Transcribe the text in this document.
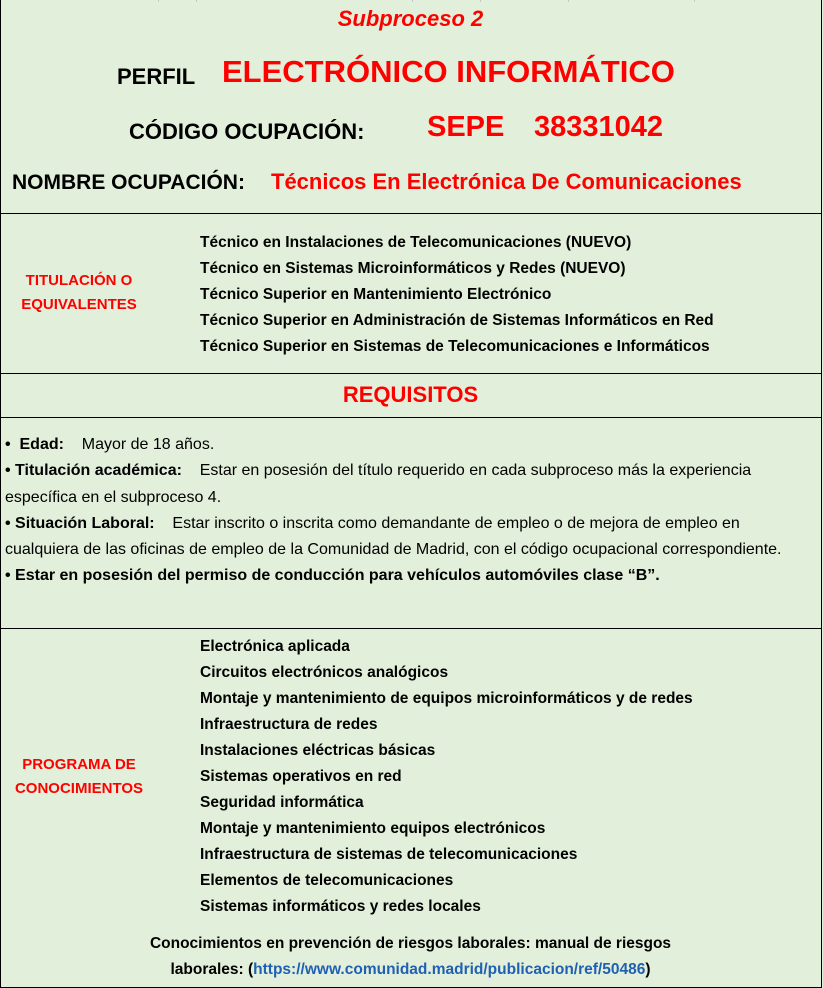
Subproceso 2
PERFIL ELECTRÓNICO INFORMÁTICO
CÓDIGO OCUPACIÓN: SEPE 38331042
NOMBRE OCUPACIÓN: Técnicos En Electrónica De Comunicaciones
TITULACIÓN O
EQUIVALENTES
Técnico en Instalaciones de Telecomunicaciones (NUEVO)
Técnico en Sistemas Microinformáticos y Redes (NUEVO)
Técnico Superior en Mantenimiento Electrónico
Técnico Superior en Administración de Sistemas Informáticos en Red
Técnico Superior en Sistemas de Telecomunicaciones e Informáticos
REQUISITOS

•  Edad: Mayor de 18 años.

• Titulación académica: Estar en posesión del título requerido en cada subproceso más la experiencia específica en el subproceso 4.

• Situación Laboral: Estar inscrito o inscrita como demandante de empleo o de mejora de empleo en cualquiera de las oficinas de empleo de la Comunidad de Madrid, con el código ocupacional correspondiente.

• Estar en posesión del permiso de conducción para vehículos automóviles clase “B”.

PROGRAMA DE
CONOCIMIENTOS
Electrónica aplicada
Circuitos electrónicos analógicos
Montaje y mantenimiento de equipos microinformáticos y de redes
Infraestructura de redes
Instalaciones eléctricas básicas
Sistemas operativos en red
Seguridad informática
Montaje y mantenimiento equipos electrónicos
Infraestructura de sistemas de telecomunicaciones
Elementos de telecomunicaciones
Sistemas informáticos y redes locales
Conocimientos en prevención de riesgos laborales: manual de riesgos
laborales: (https://www.comunidad.madrid/publicacion/ref/50486)
